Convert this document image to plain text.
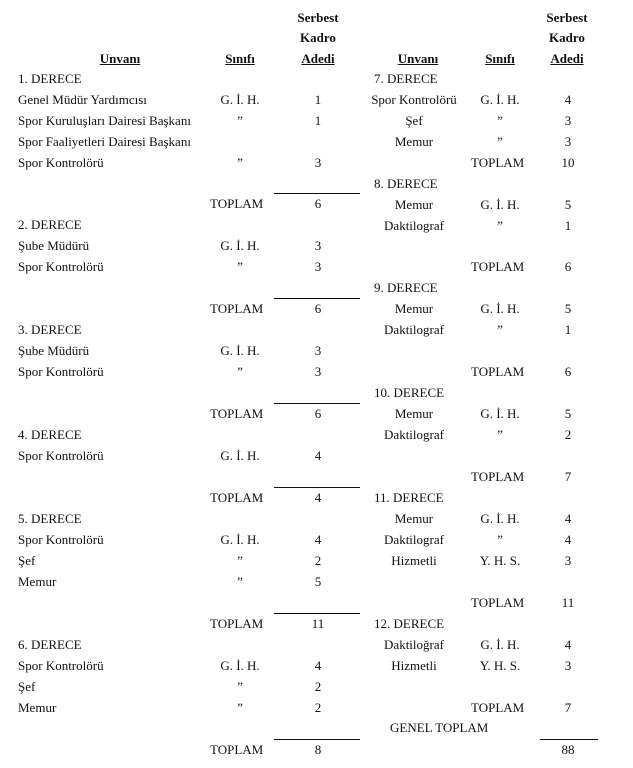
Serbest
Kadro
Adedi
Unvanı	Sınıfı
Serbest
Kadro
Adedi
Unvanı	Sınıfı
1. DERECE
Genel Müdür Yardımcısı	G. İ. H.	1
Spor Kuruluşları Dairesi Başkanı	”	1
Spor Faaliyetleri Dairesi Başkanı
Spor Kontrolörü	”	3
TOPLAM	6
2. DERECE
Şube Müdürü	G. İ. H.	3
Spor Kontrolörü	”	3
TOPLAM	6
3. DERECE
Şube Müdürü	G. İ. H.	3
Spor Kontrolörü	”	3
TOPLAM	6
4. DERECE
Spor Kontrolörü	G. İ. H.	4
TOPLAM	4
5. DERECE
Spor Kontrolörü	G. İ. H.	4
Şef	”	2
Memur	”	5
TOPLAM	11
6. DERECE
Spor Kontrolörü	G. İ. H.	4
Şef	”	2
Memur	”	2
TOPLAM	8
7. DERECE
Spor Kontrolörü	G. İ. H.	4
Şef	”	3
Memur	”	3
TOPLAM	10
8. DERECE
Memur	G. İ. H.	5
Daktilograf	”	1
TOPLAM	6
9. DERECE
Memur	G. İ. H.	5
Daktilograf	”	1
TOPLAM	6
10. DERECE
Memur	G. İ. H.	5
Daktilograf	”	2
TOPLAM	7
11. DERECE
Memur	G. İ. H.	4
Daktilograf	”	4
Hizmetli	Y. H. S.	3
TOPLAM	11
12. DERECE
Daktiloğraf	G. İ. H.	4
Hizmetli	Y. H. S.	3
TOPLAM	7
GENEL TOPLAM
88
